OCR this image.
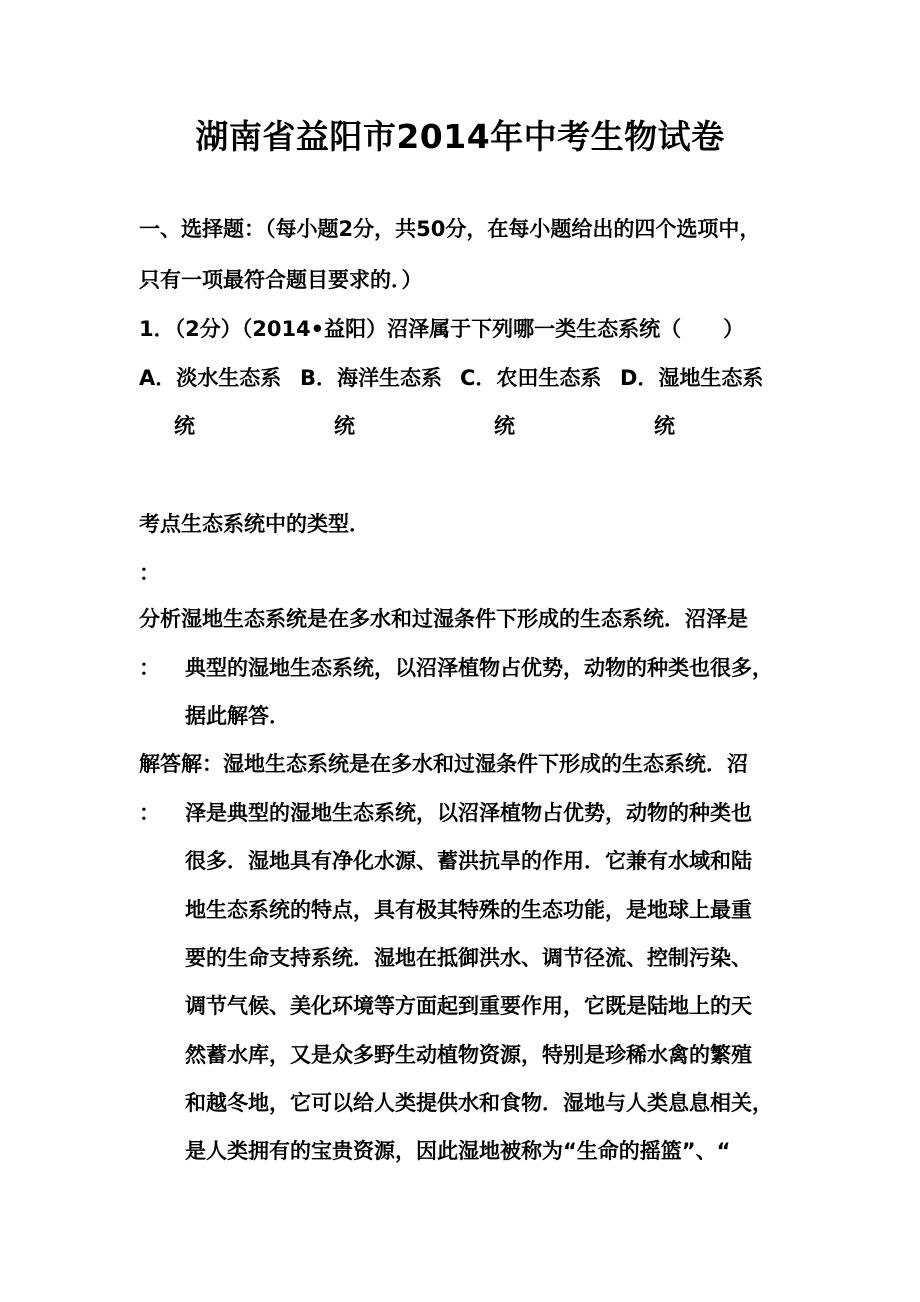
湖南省益阳市2014年中考生物试卷
一、选择题：（每小题2分，共50分，在每小题给出的四个选项中，
只有一项最符合题目要求的．）
1．（2分）（2014•益阳）沼泽属于下列哪一类生态系统（　　）
A．淡水生态系 B．海洋生态系 C．农田生态系 D．湿地生态系
统	统	统	统
考点生态系统中的类型．
：
分析湿地生态系统是在多水和过湿条件下形成的生态系统．沼泽是
： 典型的湿地生态系统，以沼泽植物占优势，动物的种类也很多，
据此解答．
解答解：湿地生态系统是在多水和过湿条件下形成的生态系统．沼
： 泽是典型的湿地生态系统，以沼泽植物占优势，动物的种类也
很多．湿地具有净化水源、蓄洪抗旱的作用．它兼有水域和陆
地生态系统的特点，具有极其特殊的生态功能，是地球上最重
要的生命支持系统．湿地在抵御洪水、调节径流、控制污染、
调节气候、美化环境等方面起到重要作用，它既是陆地上的天
然蓄水库，又是众多野生动植物资源，特别是珍稀水禽的繁殖
和越冬地，它可以给人类提供水和食物．湿地与人类息息相关，
是人类拥有的宝贵资源，因此湿地被称为“生命的摇篮”、“
